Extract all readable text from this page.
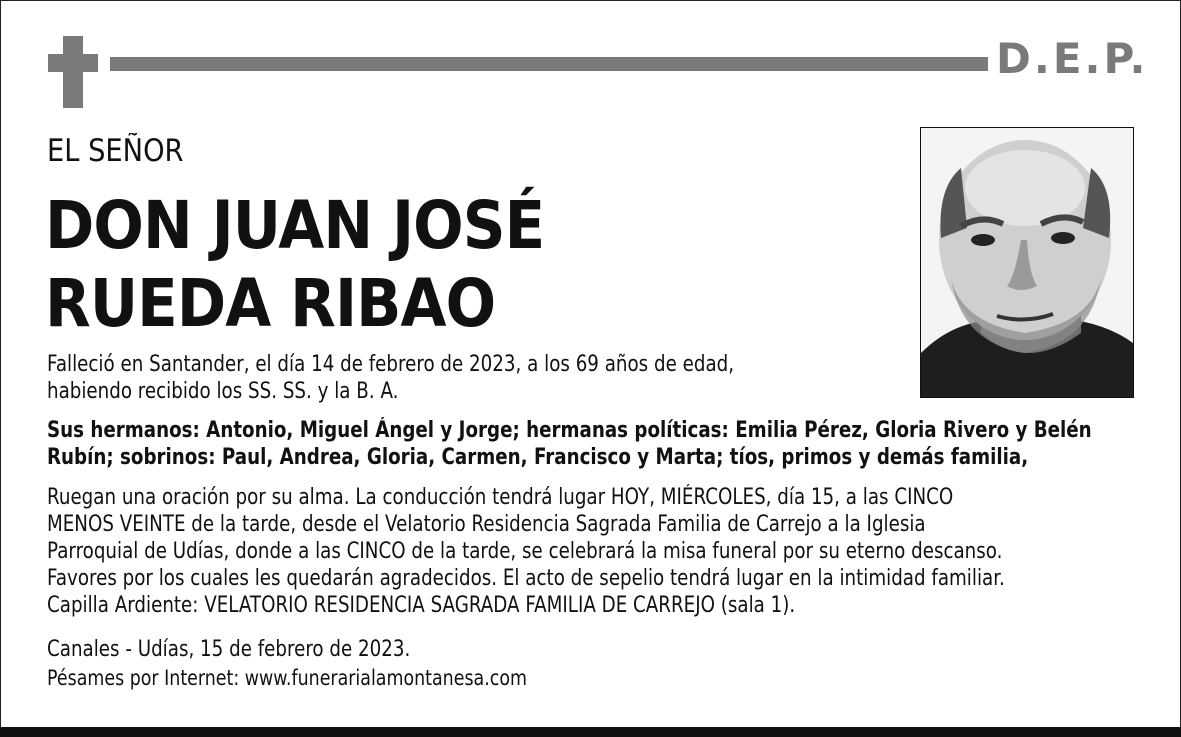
D.E.P.
EL SEÑOR
DON JUAN JOSÉ
RUEDA RIBAO
Falleció en Santander, el día 14 de febrero de 2023, a los 69 años de edad,
habiendo recibido los SS. SS. y la B. A.
Sus hermanos: Antonio, Miguel Ángel y Jorge; hermanas políticas: Emilia Pérez, Gloria Rivero y Belén
Rubín; sobrinos: Paul, Andrea, Gloria, Carmen, Francisco y Marta; tíos, primos y demás familia,
Ruegan una oración por su alma. La conducción tendrá lugar HOY, MIÉRCOLES, día 15, a las CINCO
MENOS VEINTE de la tarde, desde el Velatorio Residencia Sagrada Familia de Carrejo a la Iglesia
Parroquial de Udías, donde a las CINCO de la tarde, se celebrará la misa funeral por su eterno descanso.
Favores por los cuales les quedarán agradecidos. El acto de sepelio tendrá lugar en la intimidad familiar.
Capilla Ardiente: VELATORIO RESIDENCIA SAGRADA FAMILIA DE CARREJO (sala 1).
Canales - Udías, 15 de febrero de 2023.
Pésames por Internet: www.funerarialamontanesa.com
